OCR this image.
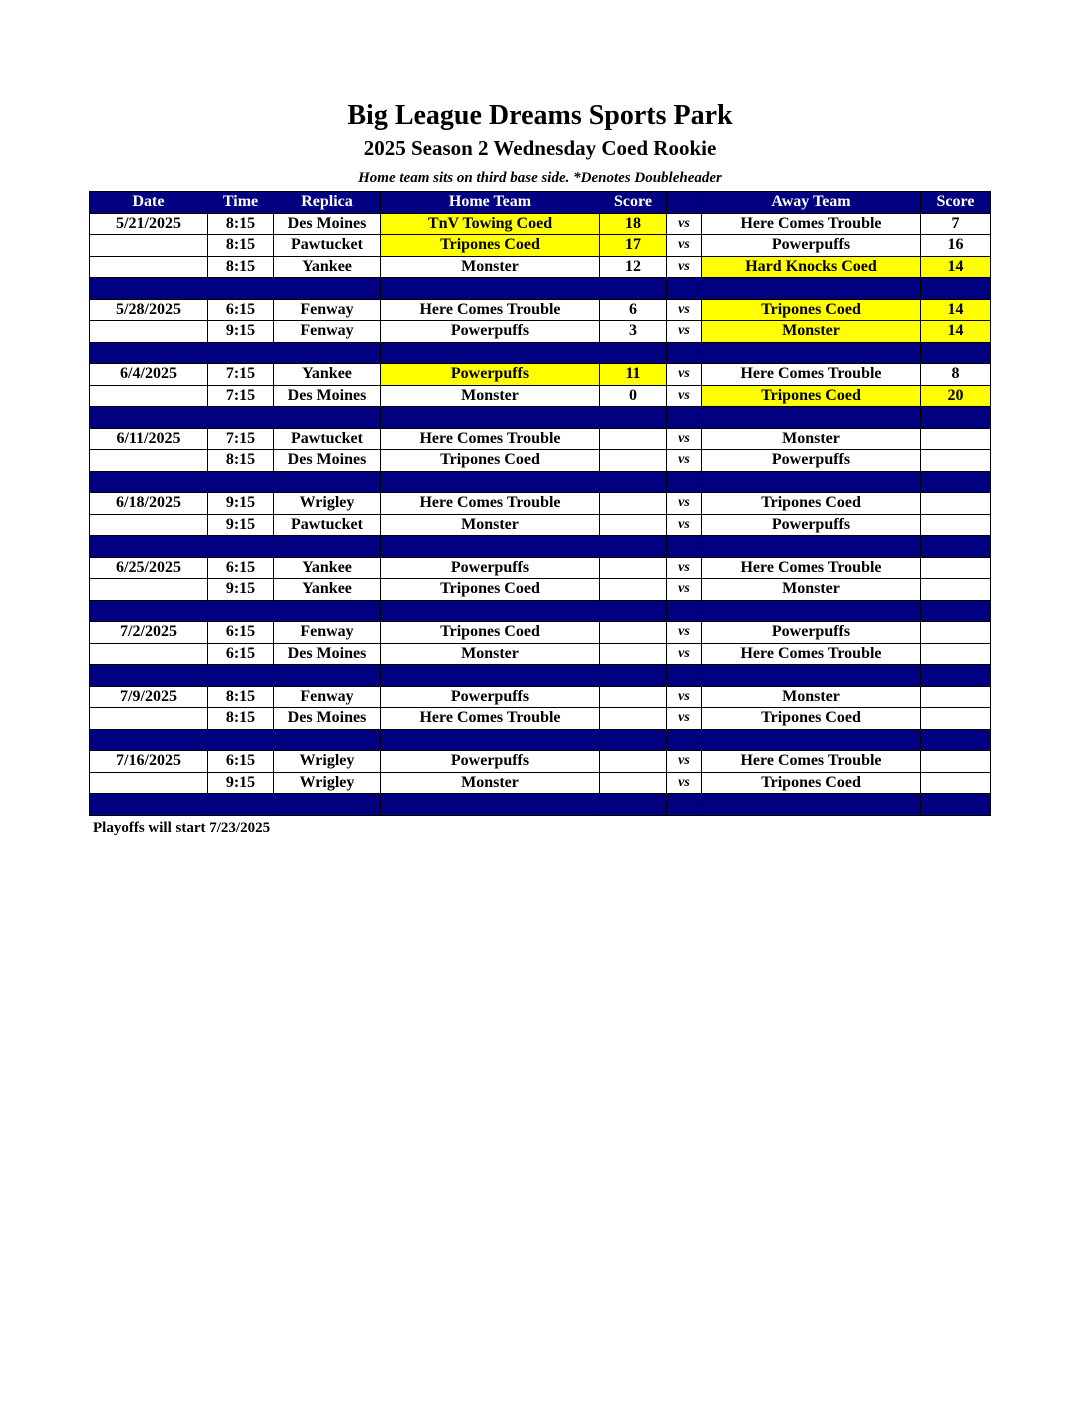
Big League Dreams Sports Park
2025 Season 2 Wednesday Coed Rookie
Home team sits on third base side. *Denotes Doubleheader
Date	Time	Replica	Home Team	Score		Away Team	Score
5/21/2025	8:15	Des Moines	TnV Towing Coed	18	vs	Here Comes Trouble	7
	8:15	Pawtucket	Tripones Coed	17	vs	Powerpuffs	16
	8:15	Yankee	Monster	12	vs	Hard Knocks Coed	14

5/28/2025	6:15	Fenway	Here Comes Trouble	6	vs	Tripones Coed	14
	9:15	Fenway	Powerpuffs	3	vs	Monster	14

6/4/2025	7:15	Yankee	Powerpuffs	11	vs	Here Comes Trouble	8
	7:15	Des Moines	Monster	0	vs	Tripones Coed	20

6/11/2025	7:15	Pawtucket	Here Comes Trouble		vs	Monster	
	8:15	Des Moines	Tripones Coed		vs	Powerpuffs	

6/18/2025	9:15	Wrigley	Here Comes Trouble		vs	Tripones Coed	
	9:15	Pawtucket	Monster		vs	Powerpuffs	

6/25/2025	6:15	Yankee	Powerpuffs		vs	Here Comes Trouble	
	9:15	Yankee	Tripones Coed		vs	Monster	

7/2/2025	6:15	Fenway	Tripones Coed		vs	Powerpuffs	
	6:15	Des Moines	Monster		vs	Here Comes Trouble	

7/9/2025	8:15	Fenway	Powerpuffs		vs	Monster	
	8:15	Des Moines	Here Comes Trouble		vs	Tripones Coed	

7/16/2025	6:15	Wrigley	Powerpuffs		vs	Here Comes Trouble	
	9:15	Wrigley	Monster		vs	Tripones Coed	

Playoffs will start 7/23/2025
